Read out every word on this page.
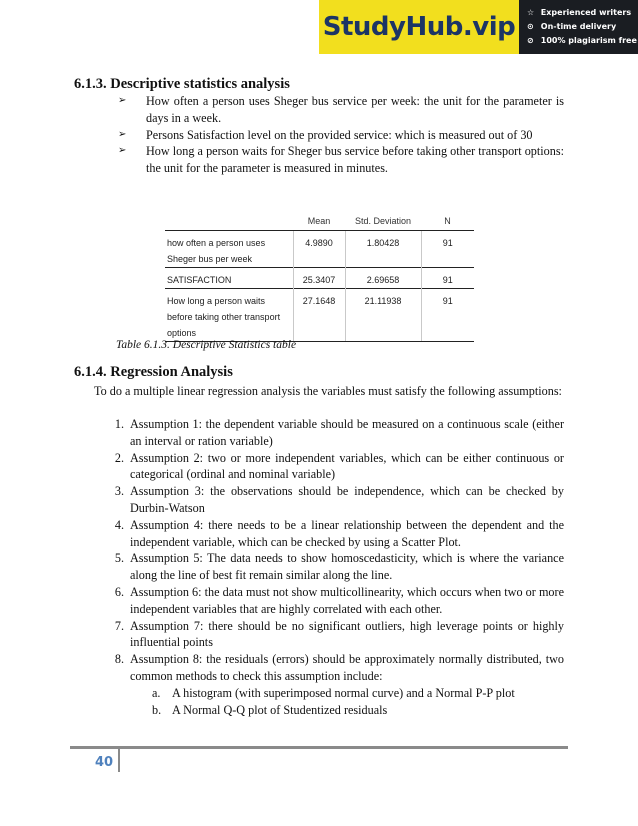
StudyHub.vip ☆ Experienced writers
⊙ On-time delivery
⊘ 100% plagiarism free
6.1.3. Descriptive statistics analysis
➢	How often a person uses Sheger bus service per week: the unit for the parameter is days in a week.
➢	Persons Satisfaction level on the provided service: which is measured out of 30
➢	How long a person waits for Sheger bus service before taking other transport options: the unit for the parameter is measured in minutes.
	Mean	Std. Deviation	N
how often a person uses Sheger bus per week	4.9890	1.80428	91
SATISFACTION	25.3407	2.69658	91
How long a person waits before taking other transport options	27.1648	21.11938	91
Table 6.1.3. Descriptive Statistics table
6.1.4. Regression Analysis
To do a multiple linear regression analysis the variables must satisfy the following assumptions:
1. Assumption 1: the dependent variable should be measured on a continuous scale (either an interval or ration variable)
2. Assumption 2: two or more independent variables, which can be either continuous or categorical (ordinal and nominal variable)
3. Assumption 3: the observations should be independence, which can be checked by Durbin-Watson
4. Assumption 4: there needs to be a linear relationship between the dependent and the independent variable, which can be checked by using a Scatter Plot.
5. Assumption 5: The data needs to show homoscedasticity, which is where the variance along the line of best fit remain similar along the line.
6. Assumption 6: the data must not show multicollinearity, which occurs when two or more independent variables that are highly correlated with each other.
7. Assumption 7: there should be no significant outliers, high leverage points or highly influential points
8. Assumption 8: the residuals (errors) should be approximately normally distributed, two common methods to check this assumption include:
a. A histogram (with superimposed normal curve) and a Normal P-P plot
b. A Normal Q-Q plot of Studentized residuals
40
